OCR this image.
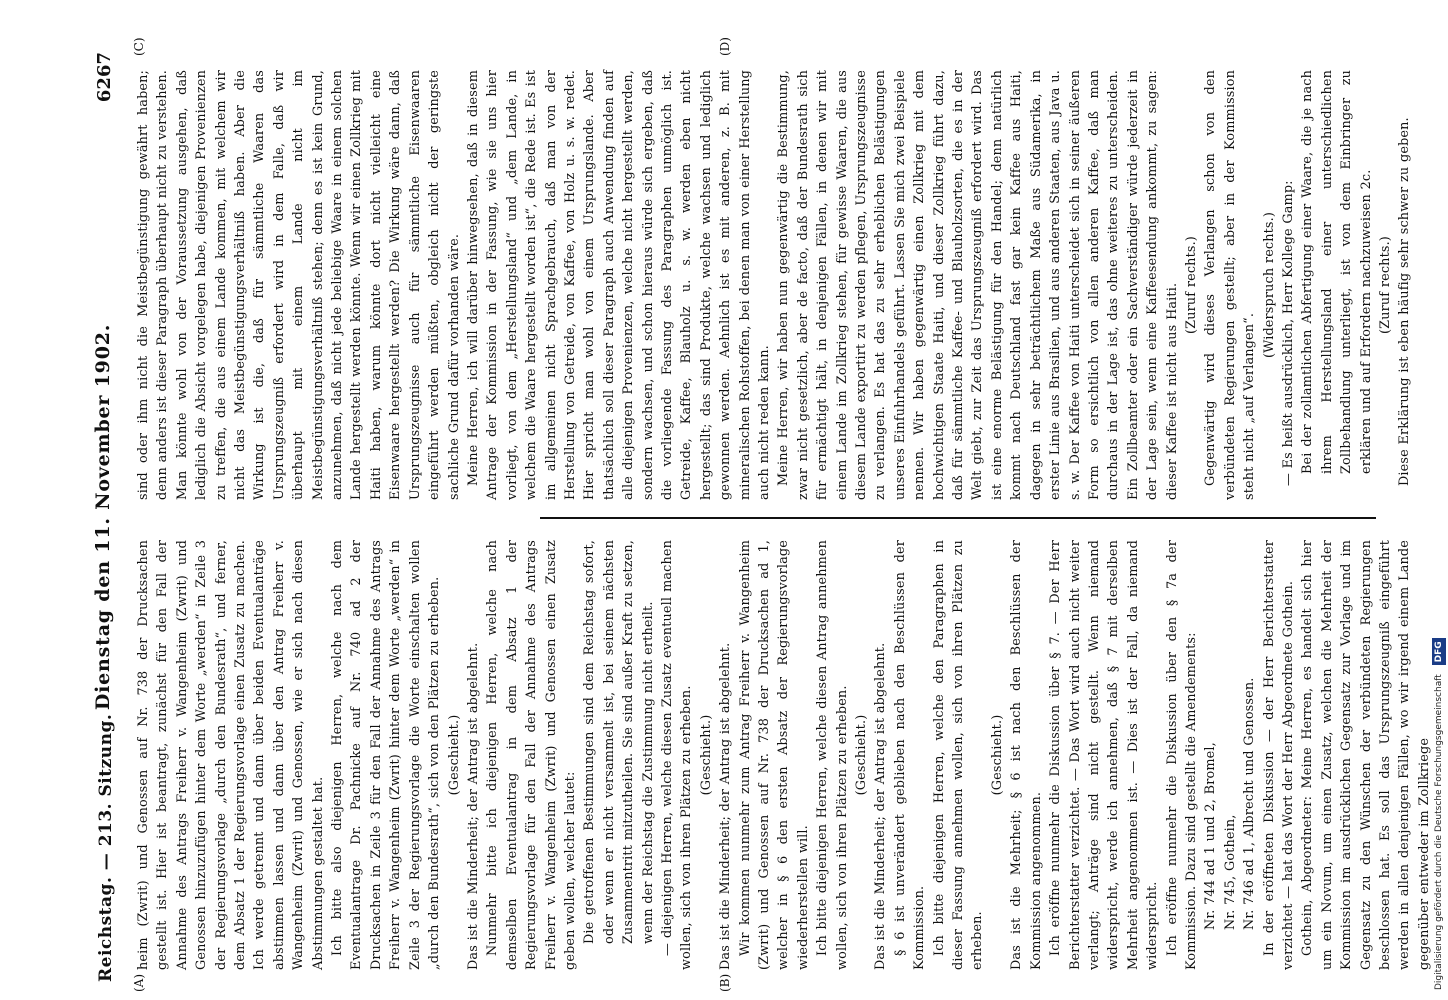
Reichstag. — 213. Sitzung.
Dienstag den 11. November 1902.
6267
(A)	(B)
(C)	(D)

heim (Zwrit) und Genossen auf Nr. 738 der Drucksachen gestellt ist. Hier ist beantragt, zunächst für den Fall der Annahme des Antrags Freiherr v. Wangenheim (Zwrit) und Genossen hinzuzufügen hinter dem Worte „werden“ in Zeile 3 der Regierungsvorlage „durch den Bundesrath“, und ferner, dem Absatz 1 der Regierungsvorlage einen Zusatz zu machen. Ich werde getrennt und dann über beiden Eventualanträge abstimmen lassen und dann über den Antrag Freiherr v. Wangenheim (Zwrit) und Genossen, wie er sich nach diesen Abstimmungen gestaltet hat. Ich bitte also diejenigen Herren, welche nach dem Eventualantrage Dr. Pachnicke auf Nr. 740 ad 2 der Drucksachen in Zeile 3 für den Fall der Annahme des Antrags Freiherr v. Wangenheim (Zwrit) hinter dem Worte „werden“ in Zeile 3 der Regierungsvorlage die Worte einschalten wollen „durch den Bundesrath“, sich von den Plätzen zu erheben. (Geschieht.) Das ist die Minderheit; der Antrag ist abgelehnt. Nunmehr bitte ich diejenigen Herren, welche nach demselben Eventualantrag in dem Absatz 1 der Regierungsvorlage für den Fall der Annahme des Antrags Freiherr v. Wangenheim (Zwrit) und Genossen einen Zusatz geben wollen, welcher lautet: Die getroffenen Bestimmungen sind dem Reichstag sofort, oder wenn er nicht versammelt ist, bei seinem nächsten Zusammentritt mitzutheilen. Sie sind außer Kraft zu setzen, wenn der Reichstag die Zustimmung nicht ertheilt. — diejenigen Herren, welche diesen Zusatz eventuell machen wollen, sich von ihren Plätzen zu erheben. (Geschieht.) Das ist die Minderheit; der Antrag ist abgelehnt. Wir kommen nunmehr zum Antrag Freiherr v. Wangenheim (Zwrit) und Genossen auf Nr. 738 der Drucksachen ad 1, welcher in § 6 den ersten Absatz der Regierungsvorlage wiederherstellen will. Ich bitte diejenigen Herren, welche diesen Antrag annehmen wollen, sich von ihren Plätzen zu erheben. (Geschieht.) Das ist die Minderheit; der Antrag ist abgelehnt. § 6 ist unverändert geblieben nach den Beschlüssen der Kommission. Ich bitte diejenigen Herren, welche den Paragraphen in dieser Fassung annehmen wollen, sich von ihren Plätzen zu erheben.

(Geschieht.) Das ist die Mehrheit; § 6 ist nach den Beschlüssen der Kommission angenommen. Ich eröffne nunmehr die Diskussion über § 7. — Der Herr Berichterstatter verzichtet. — Das Wort wird auch nicht weiter verlangt; Anträge sind nicht gestellt. Wenn niemand widerspricht, werde ich annehmen, daß § 7 mit derselben Mehrheit angenommen ist. — Dies ist der Fall, da niemand widerspricht. Ich eröffne nunmehr die Diskussion über den § 7a der Kommission. Dazu sind gestellt die Amendements: Nr. 744 ad 1 und 2, Bromel, Nr. 745, Gothein, Nr. 746 ad 1, Albrecht und Genossen. In der eröffneten Diskussion — der Herr Berichterstatter verzichtet — hat das Wort der Herr Abgeordnete Gothein. Gothein, Abgeordneter: Meine Herren, es handelt sich hier um ein Novum, um einen Zusatz, welchen die Mehrheit der Kommission im ausdrücklichen Gegensatz zur Vorlage und im Gegensatz zu den Wünschen der verbündeten Regierungen beschlossen hat. Es soll das Ursprungszeugniß eingeführt werden in allen denjenigen Fällen, wo wir irgend einem Lande gegenüber entweder im Zollkriege

sind oder ihm nicht die Meistbegünstigung gewährt haben; denn anders ist dieser Paragraph überhaupt nicht zu verstehen. Man könnte wohl von der Voraussetzung ausgehen, daß lediglich die Absicht vorgelegen habe, diejenigen Provenienzen zu treffen, die aus einem Lande kommen, mit welchem wir nicht das Meistbegünstigungsverhältniß haben. Aber die Wirkung ist die, daß für sämmtliche Waaren das Ursprungszeugniß erfordert wird in dem Falle, daß wir überhaupt mit einem Lande nicht im Meistbegünstigungsverhältniß stehen; denn es ist kein Grund, anzunehmen, daß nicht jede beliebige Waare in einem solchen Lande hergestellt werden könnte. Wenn wir einen Zollkrieg mit Haiti haben, warum könnte dort nicht vielleicht eine Eisenwaare hergestellt werden? Die Wirkung wäre dann, daß Ursprungszeugnisse auch für sämmtliche Eisenwaaren eingeführt werden müßten, obgleich nicht der geringste sachliche Grund dafür vorhanden wäre. Meine Herren, ich will darüber hinwegsehen, daß in diesem Antrage der Kommission in der Fassung, wie sie uns hier vorliegt, von dem „Herstellungsland“ und „dem Lande, in welchem die Waare hergestellt worden ist“, die Rede ist. Es ist im allgemeinen nicht Sprachgebrauch, daß man von der Herstellung von Getreide, von Kaffee, von Holz u. s. w. redet. Hier spricht man wohl von einem Ursprungslande. Aber thatsächlich soll dieser Paragraph auch Anwendung finden auf alle diejenigen Provenienzen, welche nicht hergestellt werden, sondern wachsen, und schon hieraus würde sich ergeben, daß die vorliegende Fassung des Paragraphen unmöglich ist. Getreide, Kaffee, Blauholz u. s. w. werden eben nicht hergestellt; das sind Produkte, welche wachsen und lediglich gewonnen werden. Aehnlich ist es mit anderen, z. B. mit mineralischen Rohstoffen, bei denen man von einer Herstellung auch nicht reden kann. Meine Herren, wir haben nun gegenwärtig die Bestimmung, zwar nicht gesetzlich, aber de facto, daß der Bundesrath sich für ermächtigt hält, in denjenigen Fällen, in denen wir mit einem Lande im Zollkrieg stehen, für gewisse Waaren, die aus diesem Lande exportirt zu werden pflegen, Ursprungszeugnisse zu verlangen. Es hat das zu sehr erheblichen Belästigungen unseres Einfuhrhandels geführt. Lassen Sie mich zwei Beispiele nennen. Wir haben gegenwärtig einen Zollkrieg mit dem hochwichtigen Staate Haiti, und dieser Zollkrieg führt dazu, daß für sämmtliche Kaffee- und Blauholzsorten, die es in der Welt giebt, zur Zeit das Ursprungszeugniß erfordert wird. Das ist eine enorme Belästigung für den Handel; denn natürlich kommt nach Deutschland fast gar kein Kaffee aus Haiti, dagegen in sehr beträchtlichem Maße aus Südamerika, in erster Linie aus Brasilien, und aus anderen Staaten, aus Java u. s. w. Der Kaffee von Haiti unterscheidet sich in seiner äußeren Form so ersichtlich von allen anderen Kaffee, daß man durchaus in der Lage ist, das ohne weiteres zu unterscheiden. Ein Zollbeamter oder ein Sachverständiger würde jederzeit in der Lage sein, wenn eine Kaffeesendung ankommt, zu sagen: dieser Kaffee ist nicht aus Haiti. (Zuruf rechts.) Gegenwärtig wird dieses Verlangen schon von den verbündeten Regierungen gestellt; aber in der Kommission steht nicht „auf Verlangen“.

(Widerspruch rechts.) — Es heißt ausdrücklich, Herr Kollege Gamp: Bei der zollamtlichen Abfertigung einer Waare, die je nach ihrem Herstellungsland einer unterschiedlichen Zollbehandlung unterliegt, ist von dem Einbringer zu erklären und auf Erfordern nachzuweisen 2c. (Zuruf rechts.) Diese Erklärung ist eben häufig sehr schwer zu geben.

Digitalisierung gefördert durch die Deutsche Forschungsgemeinschaft DFG
